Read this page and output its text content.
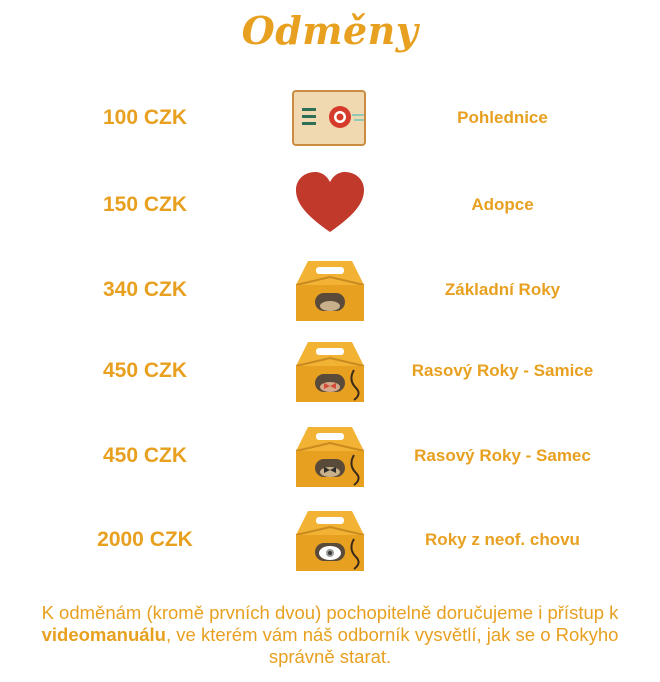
Odměny
100 CZK	Pohlednice
150 CZK	Adopce
340 CZK	Základní Roky
450 CZK	Rasový Roky - Samice
450 CZK	Rasový Roky - Samec
2000 CZK	Roky z neof. chovu
K odměnám (kromě prvních dvou) pochopitelně doručujeme i přístup k videomanuálu, ve kterém vám náš odborník vysvětlí, jak se o Rokyho správně starat.
